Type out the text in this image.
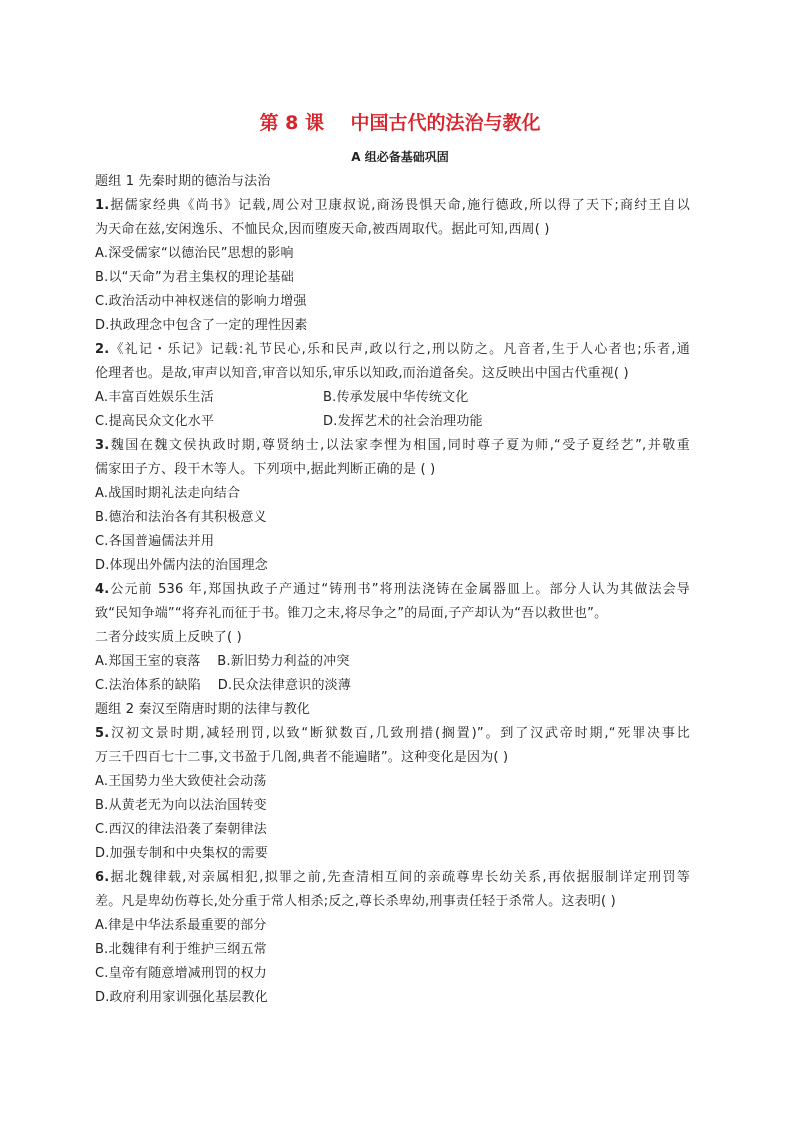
第 8 课    中国古代的法治与教化
A 组必备基础巩固
题组 1 先秦时期的德治与法治
1.据儒家经典《尚书》记载,周公对卫康叔说,商汤畏惧天命,施行德政,所以得了天下;商纣王自以
为天命在兹,安闲逸乐、不恤民众,因而堕废天命,被西周取代。据此可知,西周( )
A.深受儒家“以德治民”思想的影响
B.以“天命”为君主集权的理论基础
C.政治活动中神权迷信的影响力增强
D.执政理念中包含了一定的理性因素
2.《礼记・乐记》记载:礼节民心,乐和民声,政以行之,刑以防之。凡音者,生于人心者也;乐者,通
伦理者也。是故,审声以知音,审音以知乐,审乐以知政,而治道备矣。这反映出中国古代重视( )
A.丰富百姓娱乐生活	B.传承发展中华传统文化
C.提高民众文化水平	D.发挥艺术的社会治理功能
3.魏国在魏文侯执政时期,尊贤纳士,以法家李悝为相国,同时尊子夏为师,“受子夏经艺”,并敬重
儒家田子方、段干木等人。下列项中,据此判断正确的是 ( )
A.战国时期礼法走向结合
B.德治和法治各有其积极意义
C.各国普遍儒法并用
D.体现出外儒内法的治国理念
4.公元前 536 年,郑国执政子产通过“铸刑书”将刑法浇铸在金属器皿上。部分人认为其做法会导
致“民知争端”“将弃礼而征于书。锥刀之末,将尽争之”的局面,子产却认为“吾以救世也”。
二者分歧实质上反映了( )
A.郑国王室的衰落 B.新旧势力利益的冲突
C.法治体系的缺陷 D.民众法律意识的淡薄
题组 2 秦汉至隋唐时期的法律与教化
5.汉初文景时期,减轻刑罚,以致“断狱数百,几致刑措(搁置)”。到了汉武帝时期,“死罪决事比
万三千四百七十二事,文书盈于几阁,典者不能遍睹”。这种变化是因为( )
A.王国势力坐大致使社会动荡
B.从黄老无为向以法治国转变
C.西汉的律法沿袭了秦朝律法
D.加强专制和中央集权的需要
6.据北魏律载,对亲属相犯,拟罪之前,先查清相互间的亲疏尊卑长幼关系,再依据服制详定刑罚等
差。凡是卑幼伤尊长,处分重于常人相杀;反之,尊长杀卑幼,刑事责任轻于杀常人。这表明( )
A.律是中华法系最重要的部分
B.北魏律有利于维护三纲五常
C.皇帝有随意增减刑罚的权力
D.政府利用家训强化基层教化
